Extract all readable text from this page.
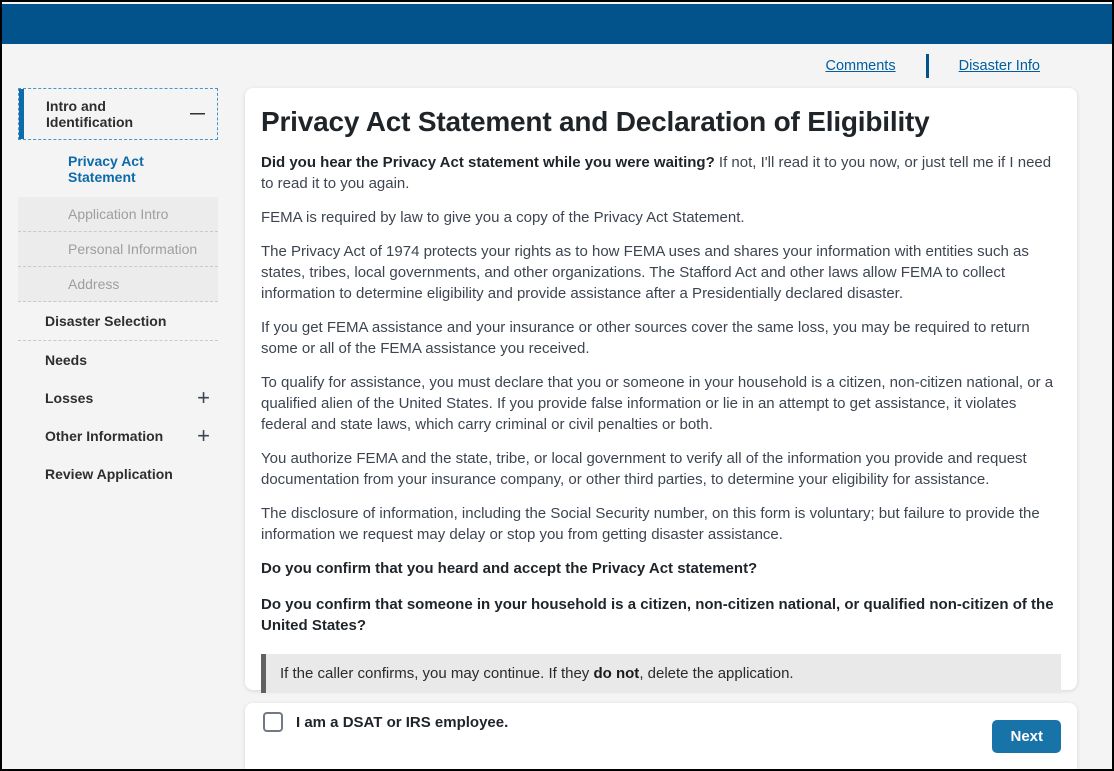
Comments	Disaster Info
Intro and Identification	—
Privacy Act Statement
Application Intro
Personal Information
Address
Disaster Selection
Needs
Losses	+
Other Information +
Review Application
Privacy Act Statement and Declaration of Eligibility

Did you hear the Privacy Act statement while you were waiting? If not, I'll read it to you now, or just tell me if I need to read it to you again.

FEMA is required by law to give you a copy of the Privacy Act Statement.

The Privacy Act of 1974 protects your rights as to how FEMA uses and shares your information with entities such as states, tribes, local governments, and other organizations. The Stafford Act and other laws allow FEMA to collect information to determine eligibility and provide assistance after a Presidentially declared disaster.

If you get FEMA assistance and your insurance or other sources cover the same loss, you may be required to return some or all of the FEMA assistance you received.

To qualify for assistance, you must declare that you or someone in your household is a citizen, non-citizen national, or a qualified alien of the United States. If you provide false information or lie in an attempt to get assistance, it violates federal and state laws, which carry criminal or civil penalties or both.

You authorize FEMA and the state, tribe, or local government to verify all of the information you provide and request documentation from your insurance company, or other third parties, to determine your eligibility for assistance.

The disclosure of information, including the Social Security number, on this form is voluntary; but failure to provide the information we request may delay or stop you from getting disaster assistance.

Do you confirm that you heard and accept the Privacy Act statement?

Do you confirm that someone in your household is a citizen, non-citizen national, or qualified non-citizen of the United States?

If the caller confirms, you may continue. If they do not, delete the application.
I am a DSAT or IRS employee.
Next
